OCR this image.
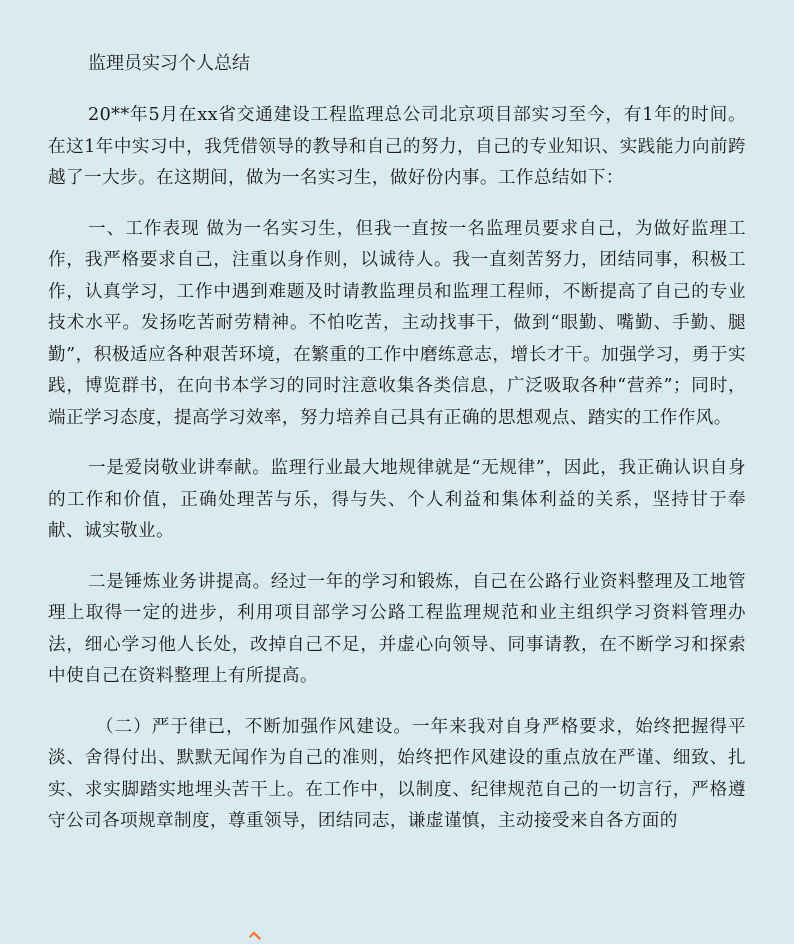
监理员实习个人总结

20**年5月在xx省交通建设工程监理总公司北京项目部实习至今，有1年的时间。在这1年中实习中，我凭借领导的教导和自己的努力，自己的专业知识、实践能力向前跨越了一大步。在这期间，做为一名实习生，做好份内事。工作总结如下：

一、工作表现 做为一名实习生，但我一直按一名监理员要求自己，为做好监理工作，我严格要求自己，注重以身作则，以诚待人。我一直刻苦努力，团结同事，积极工作，认真学习，工作中遇到难题及时请教监理员和监理工程师，不断提高了自己的专业技术水平。发扬吃苦耐劳精神。不怕吃苦，主动找事干，做到“眼勤、嘴勤、手勤、腿勤”，积极适应各种艰苦环境，在繁重的工作中磨练意志，增长才干。加强学习，勇于实践，博览群书，在向书本学习的同时注意收集各类信息，广泛吸取各种“营养”；同时，端正学习态度，提高学习效率，努力培养自己具有正确的思想观点、踏实的工作作风。

一是爱岗敬业讲奉献。监理行业最大地规律就是“无规律”，因此，我正确认识自身的工作和价值，正确处理苦与乐，得与失、个人利益和集体利益的关系，坚持甘于奉献、诚实敬业。

二是锤炼业务讲提高。经过一年的学习和锻炼，自己在公路行业资料整理及工地管理上取得一定的进步，利用项目部学习公路工程监理规范和业主组织学习资料管理办法，细心学习他人长处，改掉自己不足，并虚心向领导、同事请教，在不断学习和探索中使自己在资料整理上有所提高。

（二）严于律已，不断加强作风建设。一年来我对自身严格要求，始终把握得平淡、舍得付出、默默无闻作为自己的准则，始终把作风建设的重点放在严谨、细致、扎实、求实脚踏实地埋头苦干上。在工作中，以制度、纪律规范自己的一切言行，严格遵守公司各项规章制度，尊重领导，团结同志，谦虚谨慎，主动接受来自各方面的
